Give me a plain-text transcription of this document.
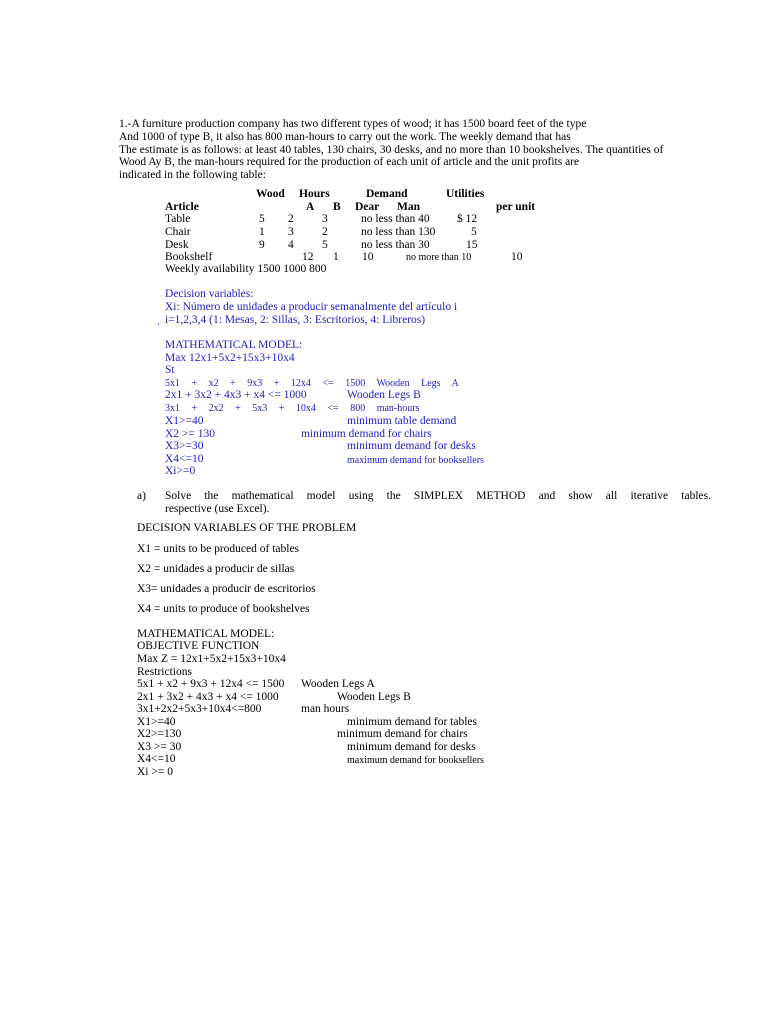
1.-A furniture production company has two different types of wood; it has 1500 board feet of the type
And 1000 of type B, it also has 800 man-hours to carry out the work. The weekly demand that has
The estimate is as follows: at least 40 tables, 130 chairs, 30 desks, and no more than 10 bookshelves. The quantities of
Wood Ay B, the man-hours required for the production of each unit of article and the unit profits are
indicated in the following table:
Wood Hours	Demand	Utilities
Article	A B Dear Man	per unit
Table	5 2 3	no less than 40 $ 12
Chair	1 3 2	no less than 130	5
Desk	9 4 5	no less than 30	15
Bookshelf	12 1 10	no more than 10	10
Weekly availability 1500 1000 800
Decision variables:
Xi: Número de unidades a producir semanalmente del artículo i
. i=1,2,3,4 (1: Mesas, 2: Sillas, 3: Escritorios, 4: Libreros)
MATHEMATICAL MODEL:
Max 12x1+5x2+15x3+10x4
St
5x1 + x2 + 9x3 + 12x4 <= 1500 Wooden Legs A
2x1 + 3x2 + 4x3 + x4 <= 1000	Wooden Legs B
3x1 + 2x2 + 5x3 + 10x4 <= 800 man-hours
X1>=40	minimum table demand
X2 >= 130	minimum demand for chairs
X3>=30	minimum demand for desks
X4<=10	maximum demand for booksellers
Xi>=0
a) Solve the mathematical model using the SIMPLEX METHOD and show all iterative tables.
respective (use Excel).
DECISION VARIABLES OF THE PROBLEM
X1 = units to be produced of tables
X2 = unidades a producir de sillas
X3= unidades a producir de escritorios
X4 = units to produce of bookshelves
MATHEMATICAL MODEL:
OBJECTIVE FUNCTION
Max Z = 12x1+5x2+15x3+10x4
Restrictions
5x1 + x2 + 9x3 + 12x4 <= 1500 Wooden Legs A
2x1 + 3x2 + 4x3 + x4 <= 1000	Wooden Legs B
3x1+2x2+5x3+10x4<=800	man hours
X1>=40	minimum demand for tables
X2>=130	minimum demand for chairs
X3 >= 30	minimum demand for desks
X4<=10	maximum demand for booksellers
Xi >= 0
